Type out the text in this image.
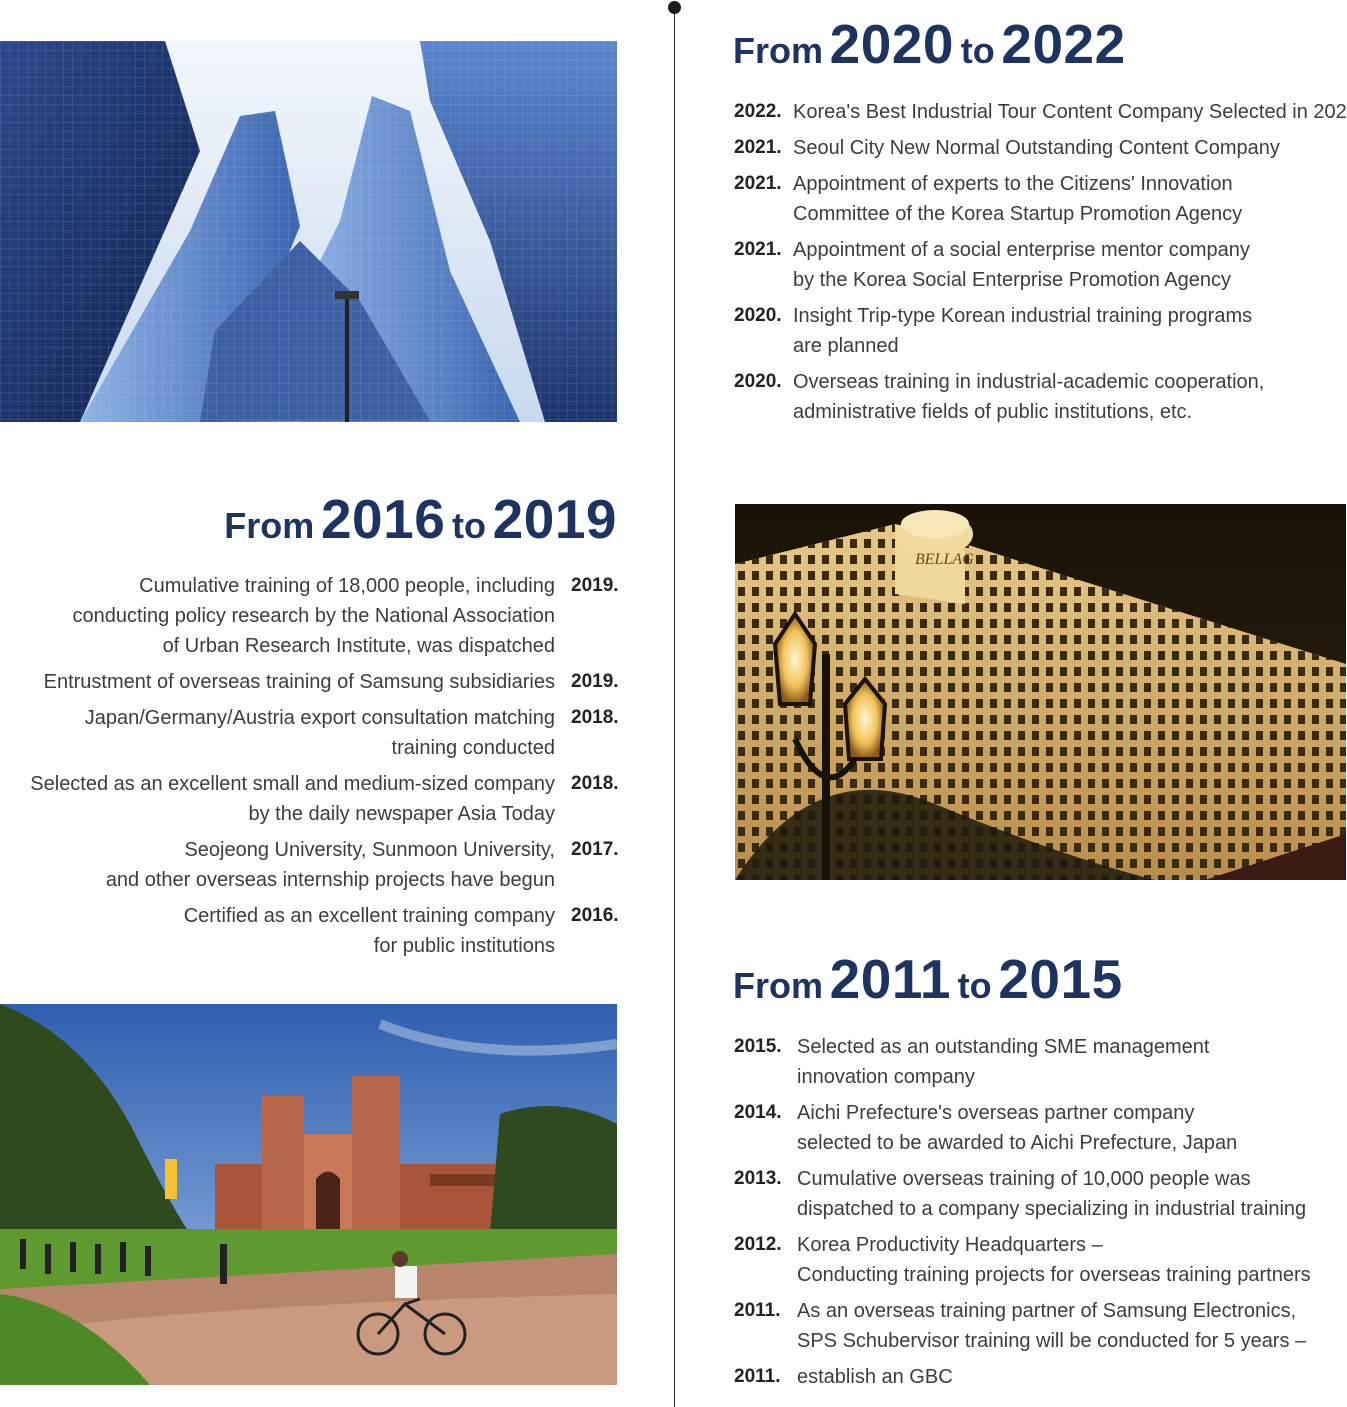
From 2020 to 2022
2022. Korea's Best Industrial Tour Content Company Selected in 202
2021. Seoul City New Normal Outstanding Content Company
2021. Appointment of experts to the Citizens' Innovation
Committee of the Korea Startup Promotion Agency
2021. Appointment of a social enterprise mentor company
by the Korea Social Enterprise Promotion Agency
2020. Insight Trip-type Korean industrial training programs
are planned
2020. Overseas training in industrial-academic cooperation,
administrative fields of public institutions, etc.
From 2016 to 2019
Cumulative training of 18,000 people, including
conducting policy research by the National Association
of Urban Research Institute, was dispatched
2019.
Entrustment of overseas training of Samsung subsidiaries 2019.
Japan/Germany/Austria export consultation matching
training conducted
2018.
Selected as an excellent small and medium-sized company
by the daily newspaper Asia Today
2018.
Seojeong University, Sunmoon University,
and other overseas internship projects have begun
2017.
Certified as an excellent training company
for public institutions
2016.
BELLAG
From 2011 to 2015
2015. Selected as an outstanding SME management
innovation company
2014. Aichi Prefecture's overseas partner company
selected to be awarded to Aichi Prefecture, Japan
2013. Cumulative overseas training of 10,000 people was
dispatched to a company specializing in industrial training
2012. Korea Productivity Headquarters –
Conducting training projects for overseas training partners
2011. As an overseas training partner of Samsung Electronics,
SPS Schubervisor training will be conducted for 5 years –
2011. establish an GBC
